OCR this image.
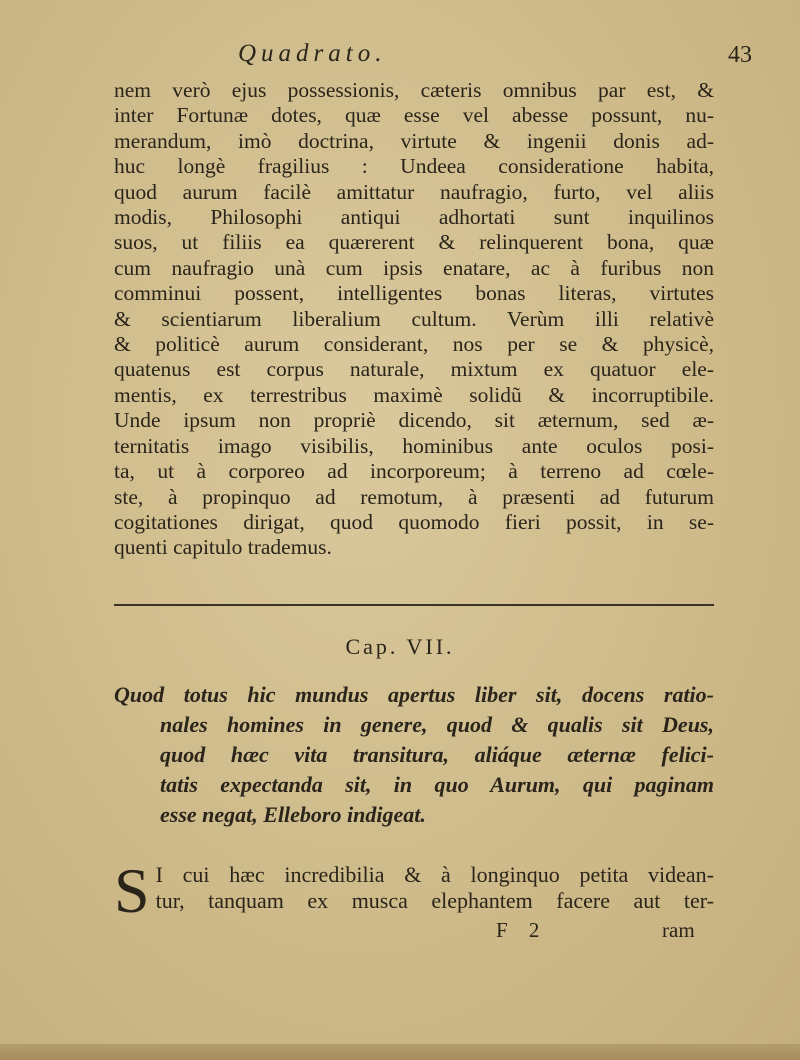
Quadrato.	43
nem verò ejus possessionis, cæteris omnibus par est, &
inter Fortunæ dotes, quæ esse vel abesse possunt, nu-
merandum, imò doctrina, virtute & ingenii donis ad-
huc longè fragilius : Undeea consideratione habita,
quod aurum facilè amittatur naufragio, furto, vel aliis
modis, Philosophi antiqui adhortati sunt inquilinos
suos, ut filiis ea quærerent & relinquerent bona, quæ
cum naufragio unà cum ipsis enatare, ac à furibus non
comminui possent, intelligentes bonas literas, virtutes
& scientiarum liberalium cultum. Verùm illi relativè
& politicè aurum considerant, nos per se & physicè,
quatenus est corpus naturale, mixtum ex quatuor ele-
mentis, ex terrestribus maximè solidũ & incorruptibile.
Unde ipsum non propriè dicendo, sit æternum, sed æ-
ternitatis imago visibilis, hominibus ante oculos posi-
ta, ut à corporeo ad incorporeum; à terreno ad cœle-
ste, à propinquo ad remotum, à præsenti ad futurum
cogitationes dirigat, quod quomodo fieri possit, in se-
quenti capitulo trademus.
Cap. VII.
Quod totus hic mundus apertus liber sit, docens ratio-
nales homines in genere, quod & qualis sit Deus,
quod hæc vita transitura, aliáque æternæ felici-
tatis expectanda sit, in quo Aurum, qui paginam
esse negat, Elleboro indigeat.
S I cui hæc incredibilia & à longinquo petita videan-
tur, tanquam ex musca elephantem facere aut ter-
F 2	ram
